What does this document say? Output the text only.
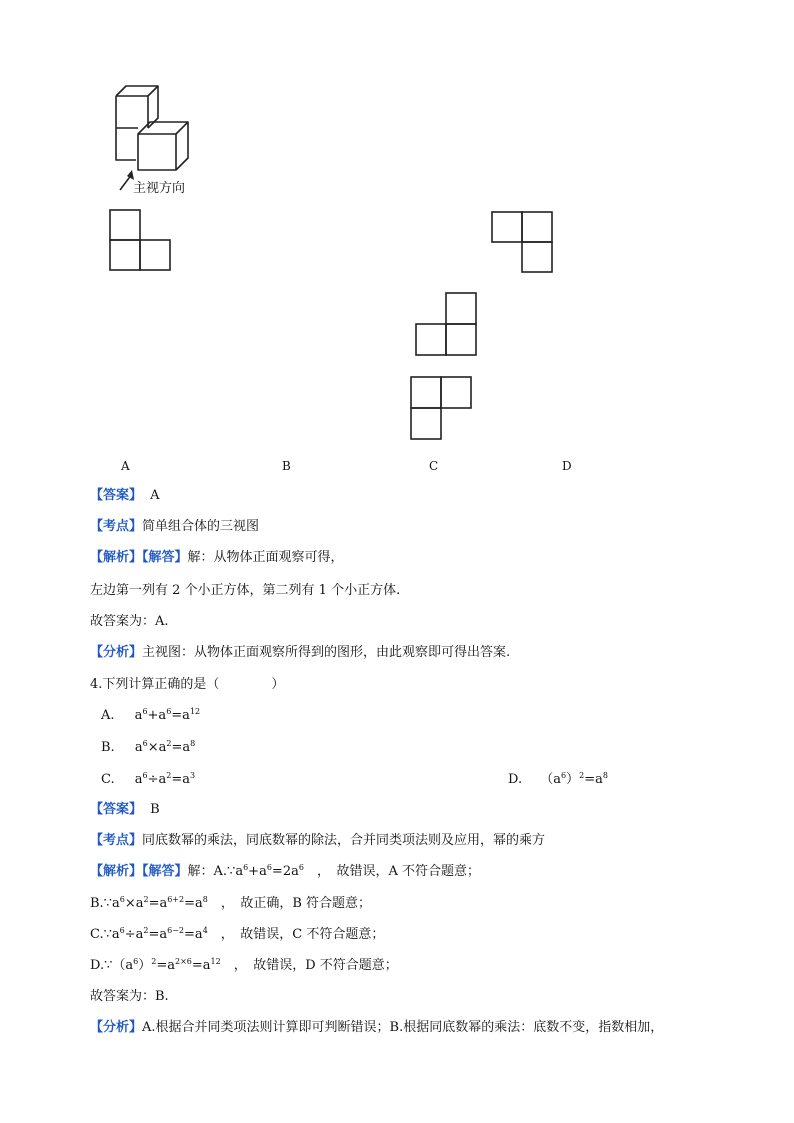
主视方向
A	B	C	D
【答案】 A
【考点】简单组合体的三视图
【解析】【解答】解：从物体正面观察可得，
左边第一列有 2 个小正方体，第二列有 1 个小正方体.
故答案为：A.
【分析】主视图：从物体正面观察所得到的图形，由此观察即可得出答案.
4.下列计算正确的是（　　　　）
A. $a^6+a^6=a^{12}$
B. $a^6\times a^2=a^8$
C. $a^6\div a^2=a^3$	D. $(a^6)^2=a^8$
【答案】 B
【考点】同底数幂的乘法，同底数幂的除法，合并同类项法则及应用，幂的乘方
【解析】【解答】解：$A.\because a^6+a^6=2a^6$　，　故错误，A 不符合题意；
$B.\because a^6\times a^2=a^{6+2}=a^8$　，　故正确，B 符合题意；
$C.\because a^6\div a^2=a^{6-2}=a^4$　，　故错误，C 不符合题意；
$D.\because(a^6)^2=a^{2\times 6}=a^{12}$　，　故错误，D 不符合题意；
故答案为：B.
【分析】A.根据合并同类项法则计算即可判断错误；B.根据同底数幂的乘法：底数不变，指数相加，
